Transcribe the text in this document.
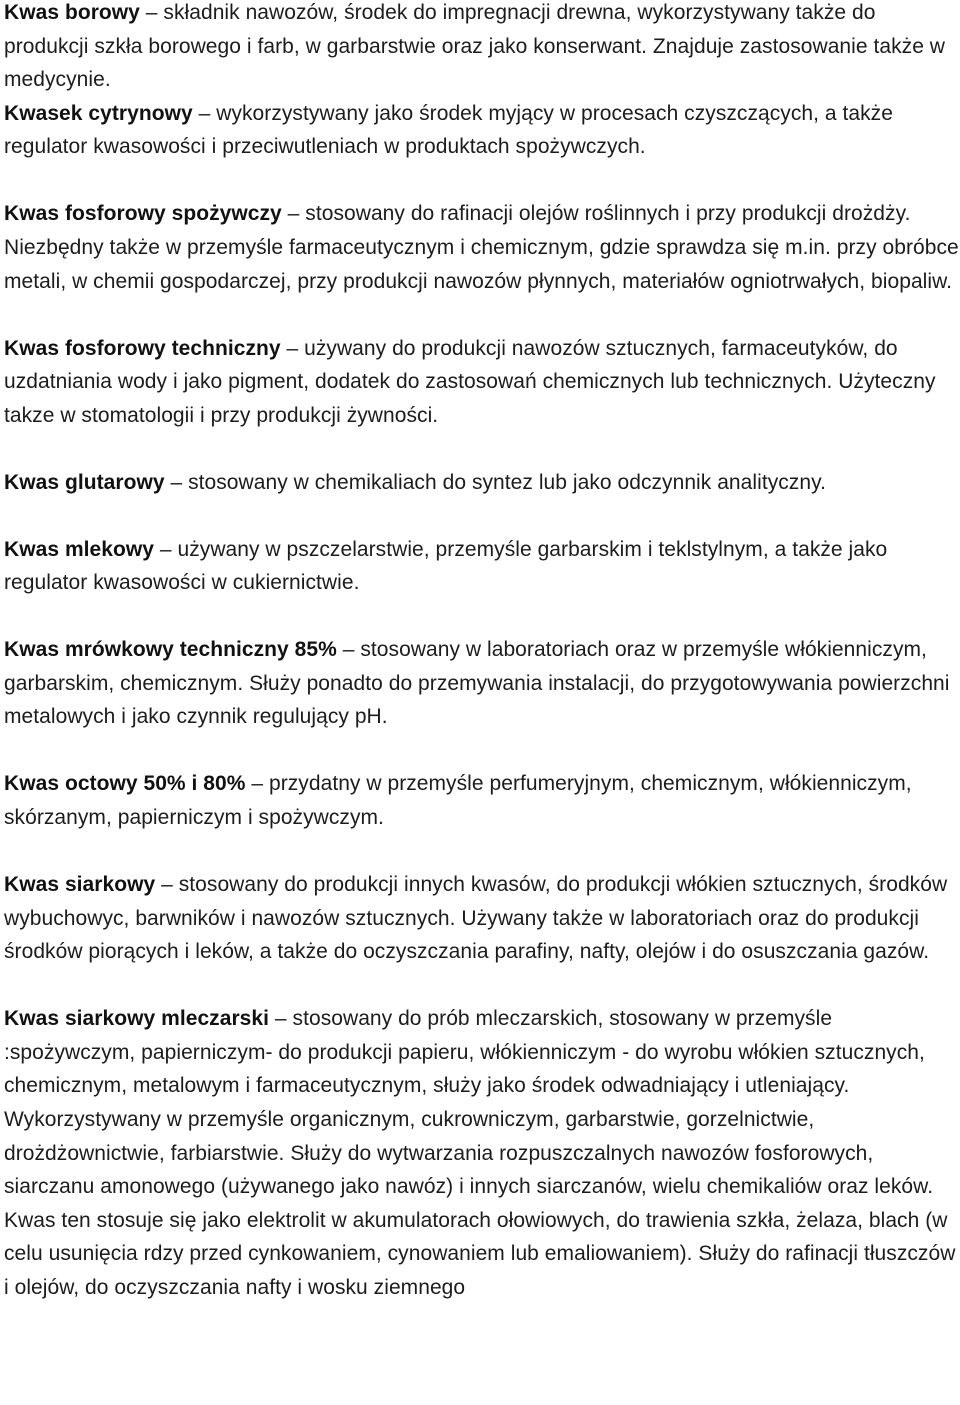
Kwas borowy – składnik nawozów, środek do impregnacji drewna, wykorzystywany także do produkcji szkła borowego i farb, w garbarstwie oraz jako konserwant. Znajduje zastosowanie także w medycynie.

Kwasek cytrynowy – wykorzystywany jako środek myjący w procesach czyszczących, a także regulator kwasowości i przeciwutleniach w produktach spożywczych.

Kwas fosforowy spożywczy – stosowany do rafinacji olejów roślinnych i przy produkcji drożdży. Niezbędny także w przemyśle farmaceutycznym i chemicznym, gdzie sprawdza się m.in. przy obróbce metali, w chemii gospodarczej, przy produkcji nawozów płynnych, materiałów ogniotrwałych, biopaliw.

Kwas fosforowy techniczny – używany do produkcji nawozów sztucznych, farmaceutyków, do uzdatniania wody i jako pigment, dodatek do zastosowań chemicznych lub technicznych. Użyteczny takze w stomatologii i przy produkcji żywności.

Kwas glutarowy – stosowany w chemikaliach do syntez lub jako odczynnik analityczny.

Kwas mlekowy – używany w pszczelarstwie, przemyśle garbarskim i teklstylnym, a także jako regulator kwasowości w cukiernictwie.

Kwas mrówkowy techniczny 85% – stosowany w laboratoriach oraz w przemyśle włókienniczym, garbarskim, chemicznym. Służy ponadto do przemywania instalacji, do przygotowywania powierzchni metalowych i jako czynnik regulujący pH.

Kwas octowy 50% i 80% – przydatny w przemyśle perfumeryjnym, chemicznym, włókienniczym, skórzanym, papierniczym i spożywczym.

Kwas siarkowy – stosowany do produkcji innych kwasów, do produkcji włókien sztucznych, środków wybuchowyc, barwników i nawozów sztucznych. Używany także w laboratoriach oraz do produkcji środków piorących i leków, a także do oczyszczania parafiny, nafty, olejów i do osuszczania gazów.

Kwas siarkowy mleczarski – stosowany do prób mleczarskich, stosowany w przemyśle :spożywczym, papierniczym- do produkcji papieru, włókienniczym - do wyrobu włókien sztucznych, chemicznym, metalowym i farmaceutycznym, służy jako środek odwadniający i utleniający. Wykorzystywany w przemyśle organicznym, cukrowniczym, garbarstwie, gorzelnictwie, drożdżownictwie, farbiarstwie. Służy do wytwarzania rozpuszczalnych nawozów fosforowych, siarczanu amonowego (używanego jako nawóz) i innych siarczanów, wielu chemikaliów oraz leków. Kwas ten stosuje się jako elektrolit w akumulatorach ołowiowych, do trawienia szkła, żelaza, blach (w celu usunięcia rdzy przed cynkowaniem, cynowaniem lub emaliowaniem). Służy do rafinacji tłuszczów i olejów, do oczyszczania nafty i wosku ziemnego
